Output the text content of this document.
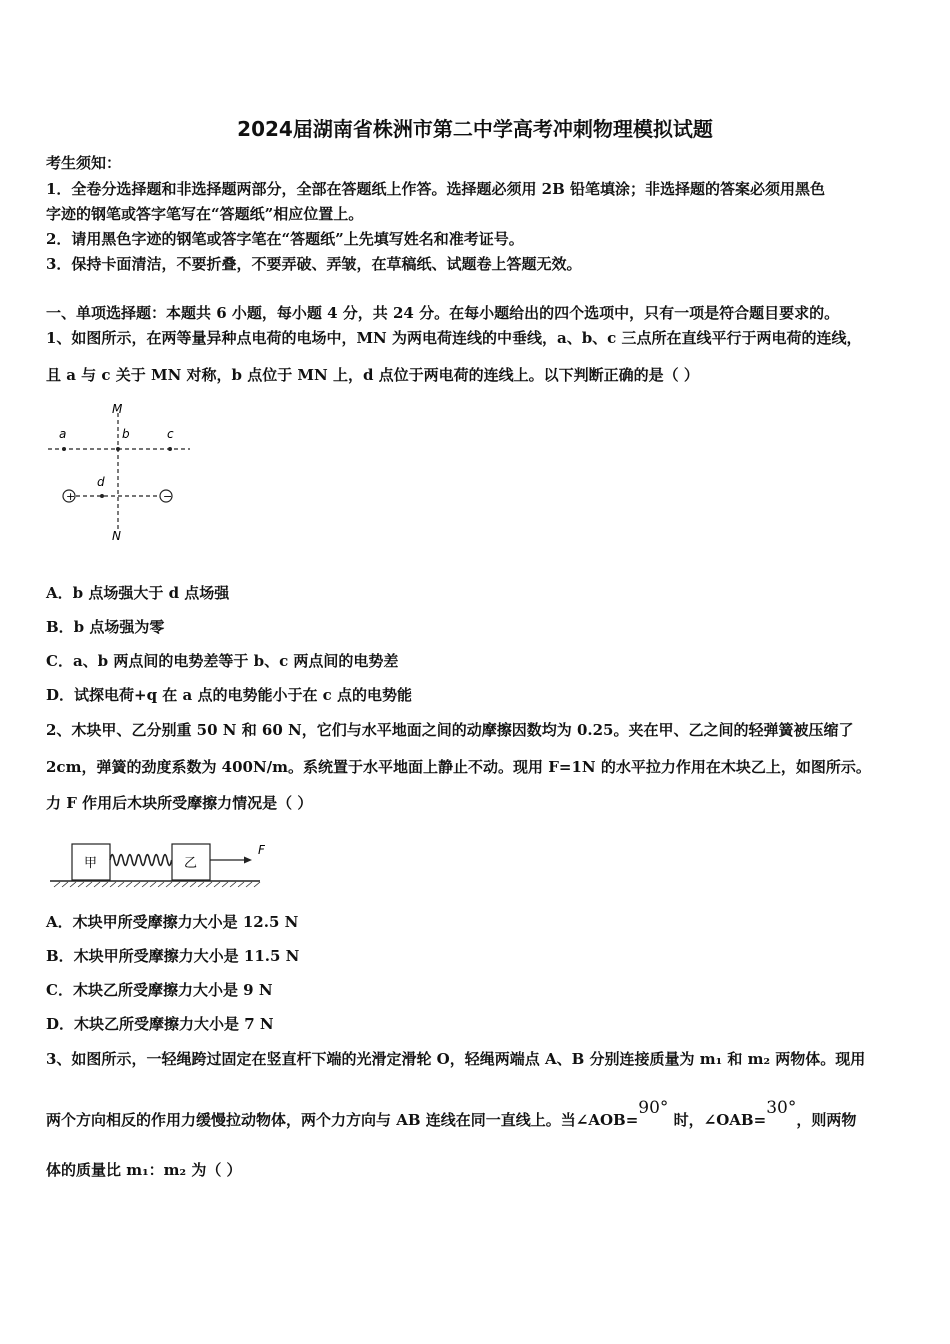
2024届湖南省株洲市第二中学高考冲刺物理模拟试题
考生须知：
1．全卷分选择题和非选择题两部分，全部在答题纸上作答。选择题必须用 2B 铅笔填涂；非选择题的答案必须用黑色
字迹的钢笔或答字笔写在“答题纸”相应位置上。
2．请用黑色字迹的钢笔或答字笔在“答题纸”上先填写姓名和准考证号。
3．保持卡面清洁，不要折叠，不要弄破、弄皱，在草稿纸、试题卷上答题无效。
一、单项选择题：本题共 6 小题，每小题 4 分，共 24 分。在每小题给出的四个选项中，只有一项是符合题目要求的。
1、如图所示，在两等量异种点电荷的电场中，MN 为两电荷连线的中垂线，a、b、c 三点所在直线平行于两电荷的连线，
且 a 与 c 关于 MN 对称，b 点位于 MN 上，d 点位于两电荷的连线上。以下判断正确的是（ ）
+	−
M
N
a	b	c
d
A．b 点场强大于 d 点场强
B．b 点场强为零
C．a、b 两点间的电势差等于 b、c 两点间的电势差
D．试探电荷+q 在 a 点的电势能小于在 c 点的电势能
2、木块甲、乙分别重 50 N 和 60 N，它们与水平地面之间的动摩擦因数均为 0.25。夹在甲、乙之间的轻弹簧被压缩了
2cm，弹簧的劲度系数为 400N/m。系统置于水平地面上静止不动。现用 F=1N 的水平拉力作用在木块乙上，如图所示。
力 F 作用后木块所受摩擦力情况是（ ）
甲	乙
F
A．木块甲所受摩擦力大小是 12.5 N
B．木块甲所受摩擦力大小是 11.5 N
C．木块乙所受摩擦力大小是 9 N
D．木块乙所受摩擦力大小是 7 N
3、如图所示，一轻绳跨过固定在竖直杆下端的光滑定滑轮 O，轻绳两端点 A、B 分别连接质量为 m₁ 和 m₂ 两物体。现用
两个方向相反的作用力缓慢拉动物体，两个力方向与 AB 连线在同一直线上。当∠AOB=90° 时，∠OAB=30°，则两物
体的质量比 m₁：m₂ 为（ ）
